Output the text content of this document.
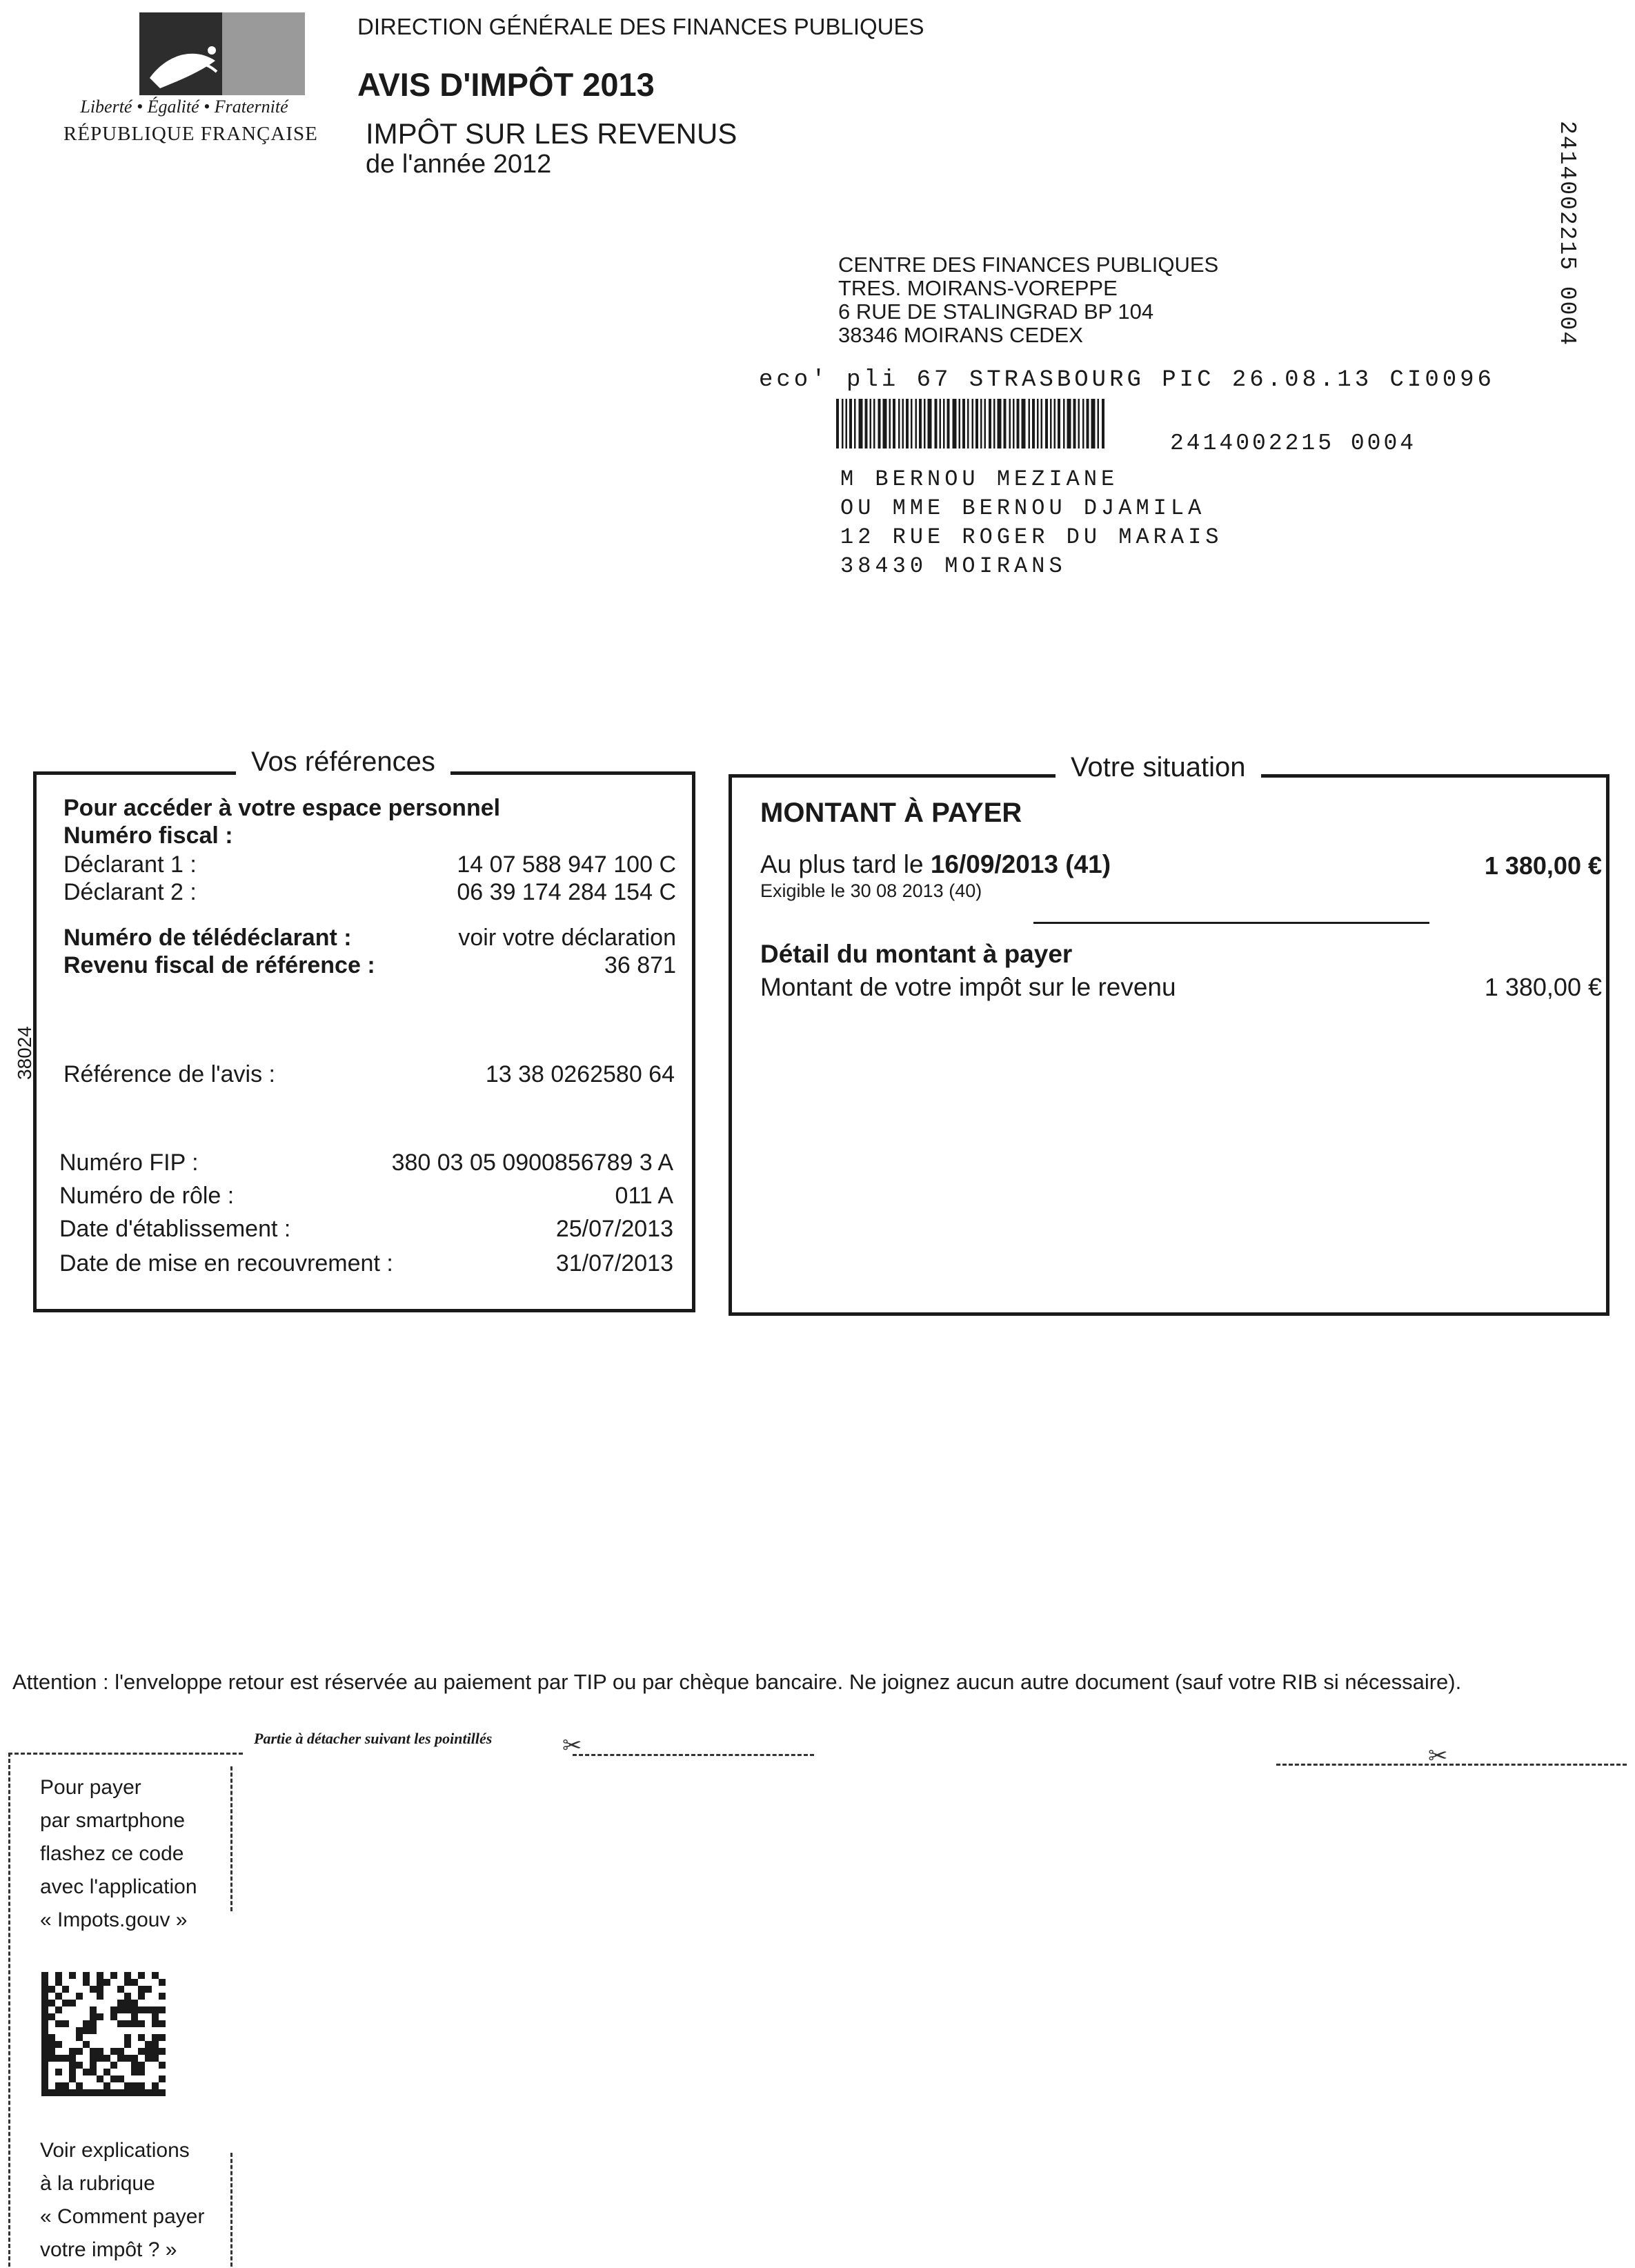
Liberté • Égalité • Fraternité
RÉPUBLIQUE FRANÇAISE
DIRECTION GÉNÉRALE DES FINANCES PUBLIQUES
AVIS D'IMPÔT 2013
IMPÔT SUR LES REVENUS
de l'année 2012	2414002215 0004
CENTRE DES FINANCES PUBLIQUES
TRES. MOIRANS-VOREPPE
6 RUE DE STALINGRAD BP 104
38346 MOIRANS CEDEX
eco' pli 67 STRASBOURG PIC 26.08.13 CI0096
2414002215 0004
M BERNOU MEZIANE
OU MME BERNOU DJAMILA
12 RUE ROGER DU MARAIS
38430 MOIRANS
Vos références
Pour accéder à votre espace personnel
Numéro fiscal :
Déclarant 1 :	14 07 588 947 100 C
Déclarant 2 :	06 39 174 284 154 C
Numéro de télédéclarant :	voir votre déclaration
Revenu fiscal de référence :	36 871
Référence de l'avis :	13 38 0262580 64
Numéro FIP :	380 03 05 0900856789 3 A
Numéro de rôle :	011 A
Date d'établissement :	25/07/2013
Date de mise en recouvrement :	31/07/2013
38024
Votre situation
MONTANT À PAYER
Au plus tard le 16/09/2013 (41)	1 380,00 €
Exigible le 30 08 2013 (40)
Détail du montant à payer
Montant de votre impôt sur le revenu	1 380,00 €
Attention : l'enveloppe retour est réservée au paiement par TIP ou par chèque bancaire. Ne joignez aucun autre document (sauf votre RIB si nécessaire).
Partie à détacher suivant les pointillés	✂	✂
Pour payer
par smartphone
flashez ce code
avec l'application
« Impots.gouv »
Voir explications
à la rubrique
« Comment payer
votre impôt ? »
